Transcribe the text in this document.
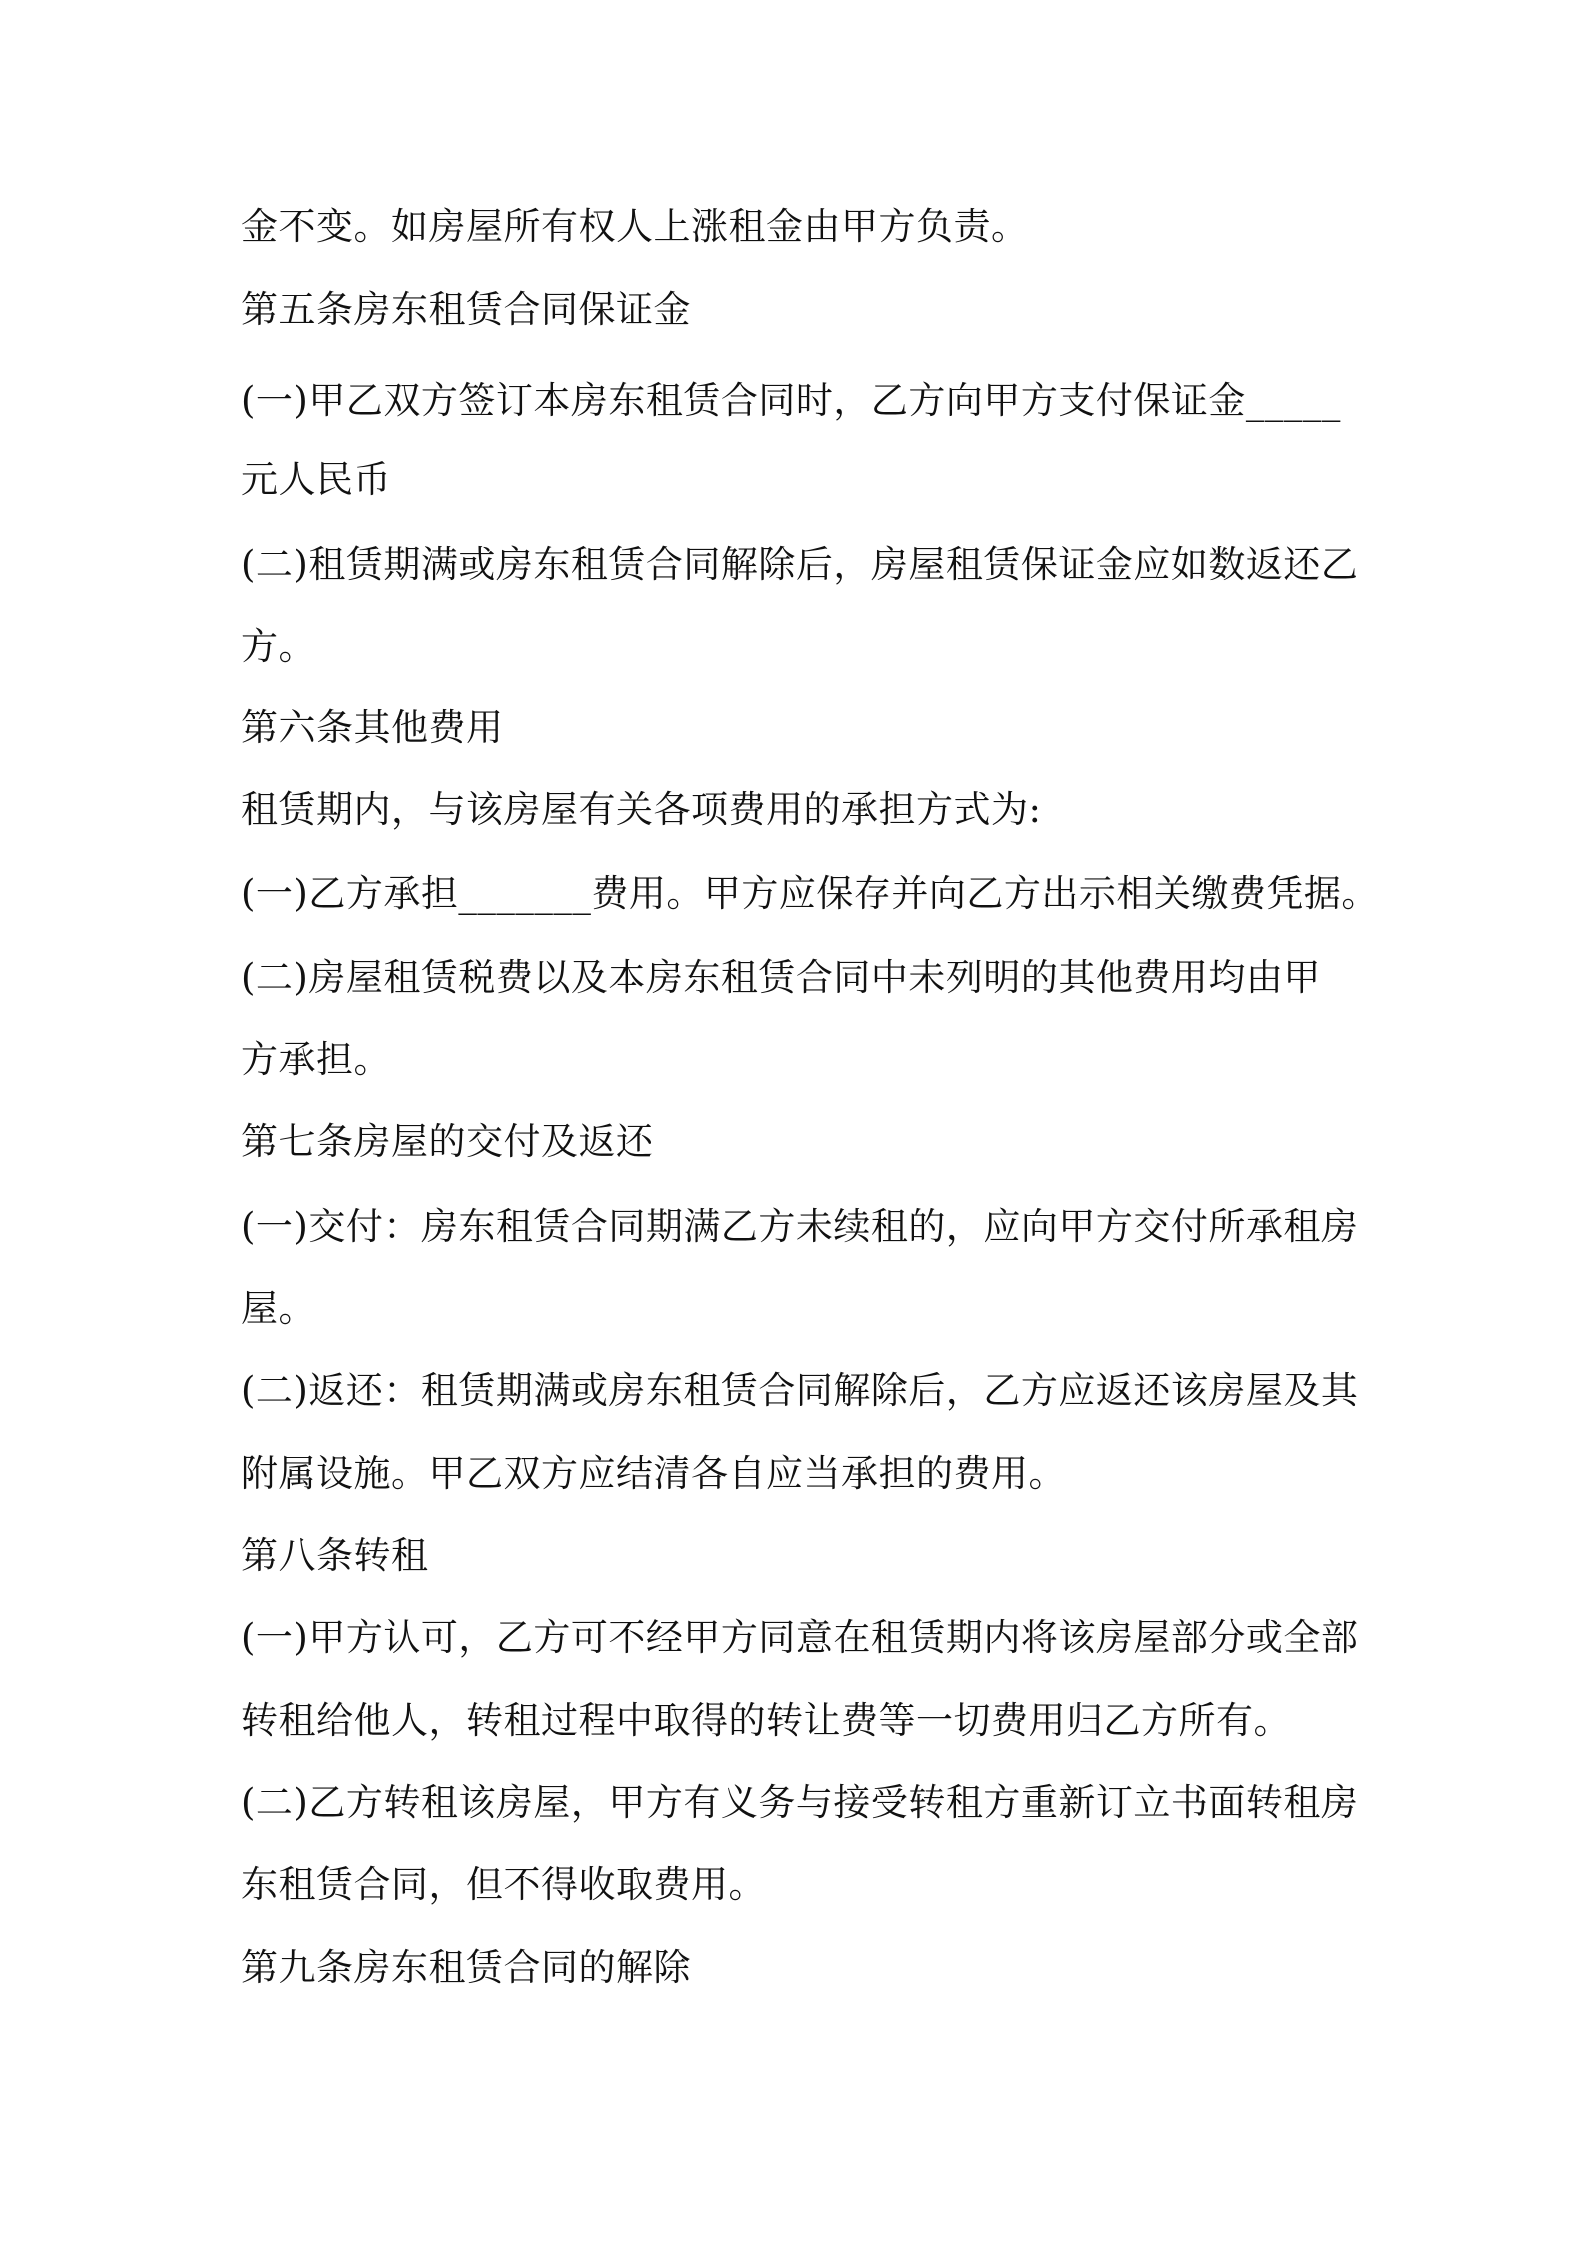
金不变。如房屋所有权人上涨租金由甲方负责。
第五条房东租赁合同保证金
(一)甲乙双方签订本房东租赁合同时，乙方向甲方支付保证金_____
元人民币
(二)租赁期满或房东租赁合同解除后，房屋租赁保证金应如数返还乙
方。
第六条其他费用
租赁期内，与该房屋有关各项费用的承担方式为:
(一)乙方承担_______费用。甲方应保存并向乙方出示相关缴费凭据。
(二)房屋租赁税费以及本房东租赁合同中未列明的其他费用均由甲
方承担。
第七条房屋的交付及返还
(一)交付：房东租赁合同期满乙方未续租的，应向甲方交付所承租房
屋。
(二)返还：租赁期满或房东租赁合同解除后，乙方应返还该房屋及其
附属设施。甲乙双方应结清各自应当承担的费用。
第八条转租
(一)甲方认可，乙方可不经甲方同意在租赁期内将该房屋部分或全部
转租给他人，转租过程中取得的转让费等一切费用归乙方所有。
(二)乙方转租该房屋，甲方有义务与接受转租方重新订立书面转租房
东租赁合同，但不得收取费用。
第九条房东租赁合同的解除
